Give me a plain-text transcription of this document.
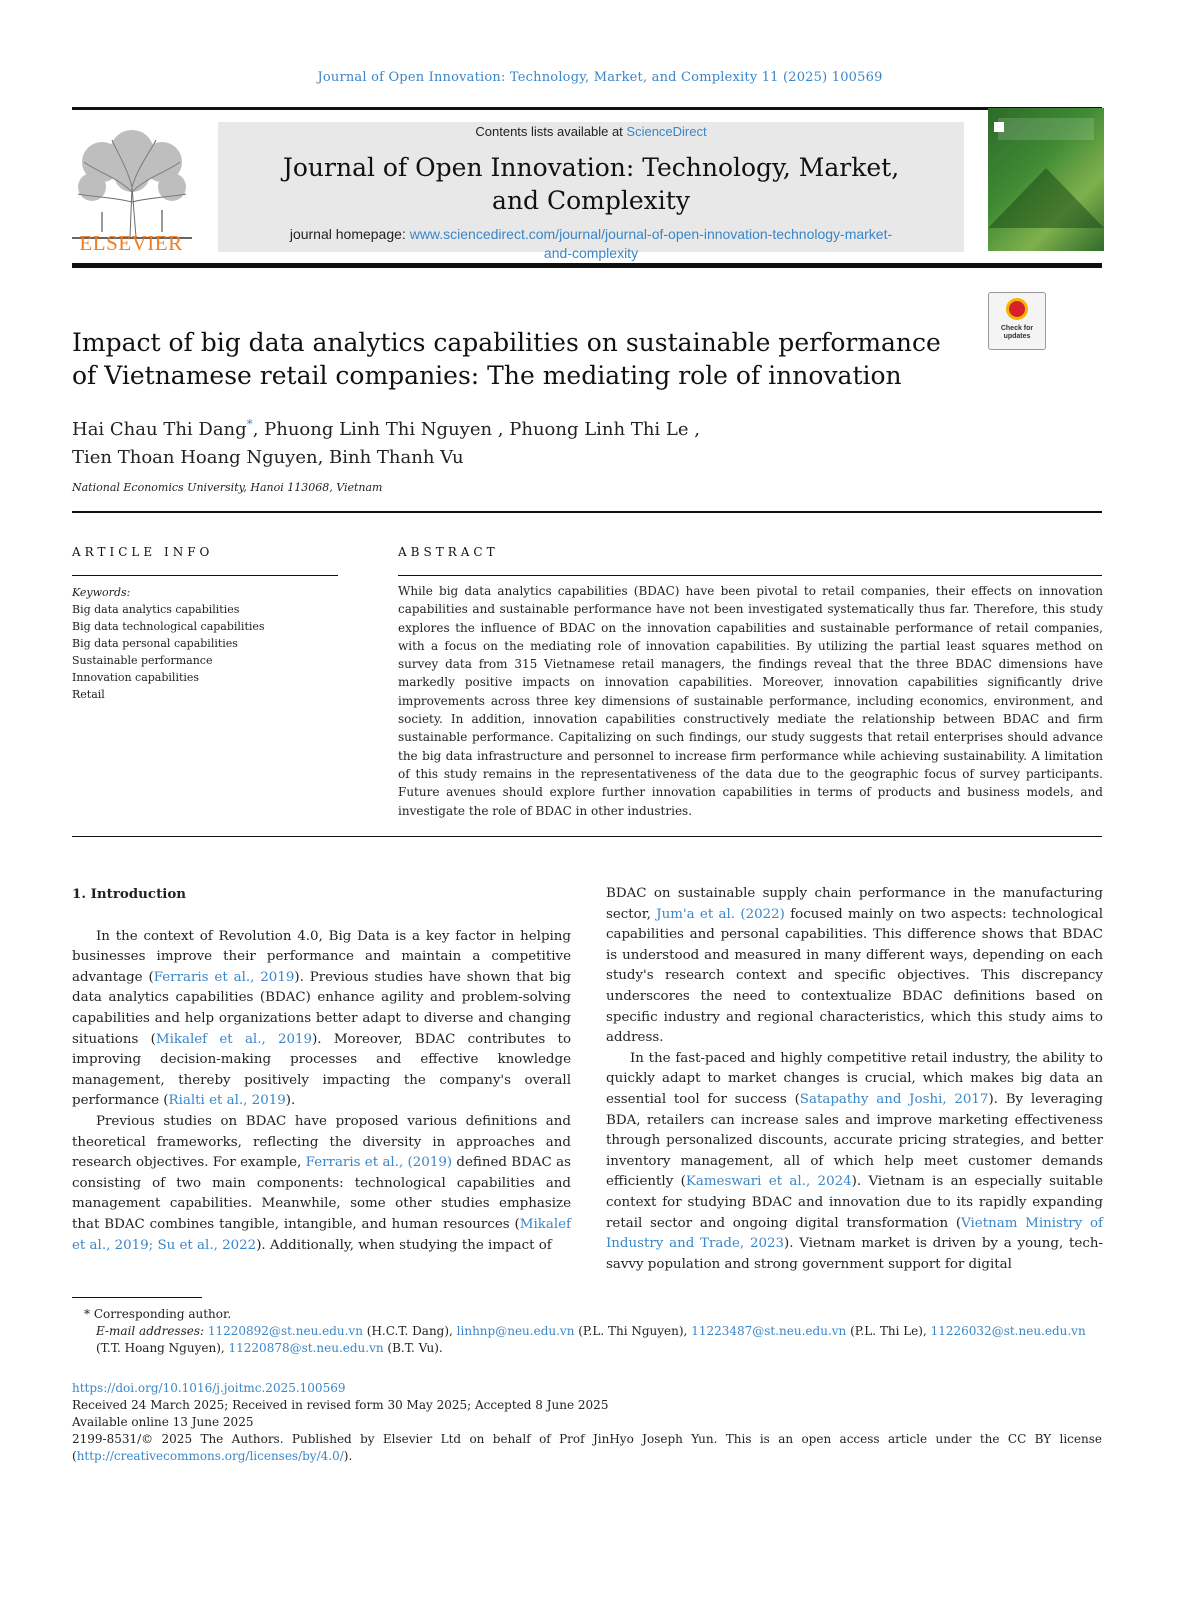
Journal of Open Innovation: Technology, Market, and Complexity 11 (2025) 100569
ELSEVIER
Contents lists available at ScienceDirect
Journal of Open Innovation: Technology, Market,
and Complexity
journal homepage: www.sciencedirect.com/journal/journal-of-open-innovation-technology-market-and-complexity
Check for updates
Impact of big data analytics capabilities on sustainable performance of Vietnamese retail companies: The mediating role of innovation
Hai Chau Thi Dang*, Phuong Linh Thi Nguyen , Phuong Linh Thi Le ,
Tien Thoan Hoang Nguyen, Binh Thanh Vu
National Economics University, Hanoi 113068, Vietnam
ARTICLE INFO
Keywords:
Big data analytics capabilities
Big data technological capabilities
Big data personal capabilities
Sustainable performance
Innovation capabilities
Retail
ABSTRACT
While big data analytics capabilities (BDAC) have been pivotal to retail companies, their effects on innovation capabilities and sustainable performance have not been investigated systematically thus far. Therefore, this study explores the influence of BDAC on the innovation capabilities and sustainable performance of retail companies, with a focus on the mediating role of innovation capabilities. By utilizing the partial least squares method on survey data from 315 Vietnamese retail managers, the findings reveal that the three BDAC dimensions have markedly positive impacts on innovation capabilities. Moreover, innovation capabilities significantly drive improvements across three key dimensions of sustainable performance, including economics, environment, and society. In addition, innovation capabilities constructively mediate the relationship between BDAC and firm sustainable performance. Capitalizing on such findings, our study suggests that retail enterprises should advance the big data infrastructure and personnel to increase firm performance while achieving sustainability. A limitation of this study remains in the representativeness of the data due to the geographic focus of survey participants. Future avenues should explore further innovation capabilities in terms of products and business models, and investigate the role of BDAC in other industries.

1. Introduction

In the context of Revolution 4.0, Big Data is a key factor in helping businesses improve their performance and maintain a competitive advantage (Ferraris et al., 2019). Previous studies have shown that big data analytics capabilities (BDAC) enhance agility and problem-solving capabilities and help organizations better adapt to diverse and changing situations (Mikalef et al., 2019). Moreover, BDAC contributes to improving decision-making processes and effective knowledge management, thereby positively impacting the company's overall performance (Rialti et al., 2019).

Previous studies on BDAC have proposed various definitions and theoretical frameworks, reflecting the diversity in approaches and research objectives. For example, Ferraris et al., (2019) defined BDAC as consisting of two main components: technological capabilities and management capabilities. Meanwhile, some other studies emphasize that BDAC combines tangible, intangible, and human resources (Mikalef et al., 2019; Su et al., 2022). Additionally, when studying the impact of

BDAC on sustainable supply chain performance in the manufacturing sector, Jum'a et al. (2022) focused mainly on two aspects: technological capabilities and personal capabilities. This difference shows that BDAC is understood and measured in many different ways, depending on each study's research context and specific objectives. This discrepancy underscores the need to contextualize BDAC definitions based on specific industry and regional characteristics, which this study aims to address.

In the fast-paced and highly competitive retail industry, the ability to quickly adapt to market changes is crucial, which makes big data an essential tool for success (Satapathy and Joshi, 2017). By leveraging BDA, retailers can increase sales and improve marketing effectiveness through personalized discounts, accurate pricing strategies, and better inventory management, all of which help meet customer demands efficiently (Kameswari et al., 2024). Vietnam is an especially suitable context for studying BDAC and innovation due to its rapidly expanding retail sector and ongoing digital transformation (Vietnam Ministry of Industry and Trade, 2023). Vietnam market is driven by a young, tech-savvy population and strong government support for digital

* Corresponding author.
E-mail addresses: 11220892@st.neu.edu.vn (H.C.T. Dang), linhnp@neu.edu.vn (P.L. Thi Nguyen), 11223487@st.neu.edu.vn (P.L. Thi Le), 11226032@st.neu.edu.vn (T.T. Hoang Nguyen), 11220878@st.neu.edu.vn (B.T. Vu).
https://doi.org/10.1016/j.joitmc.2025.100569
Received 24 March 2025; Received in revised form 30 May 2025; Accepted 8 June 2025
Available online 13 June 2025
2199-8531/© 2025 The Authors. Published by Elsevier Ltd on behalf of Prof JinHyo Joseph Yun. This is an open access article under the CC BY license (http://creativecommons.org/licenses/by/4.0/).
